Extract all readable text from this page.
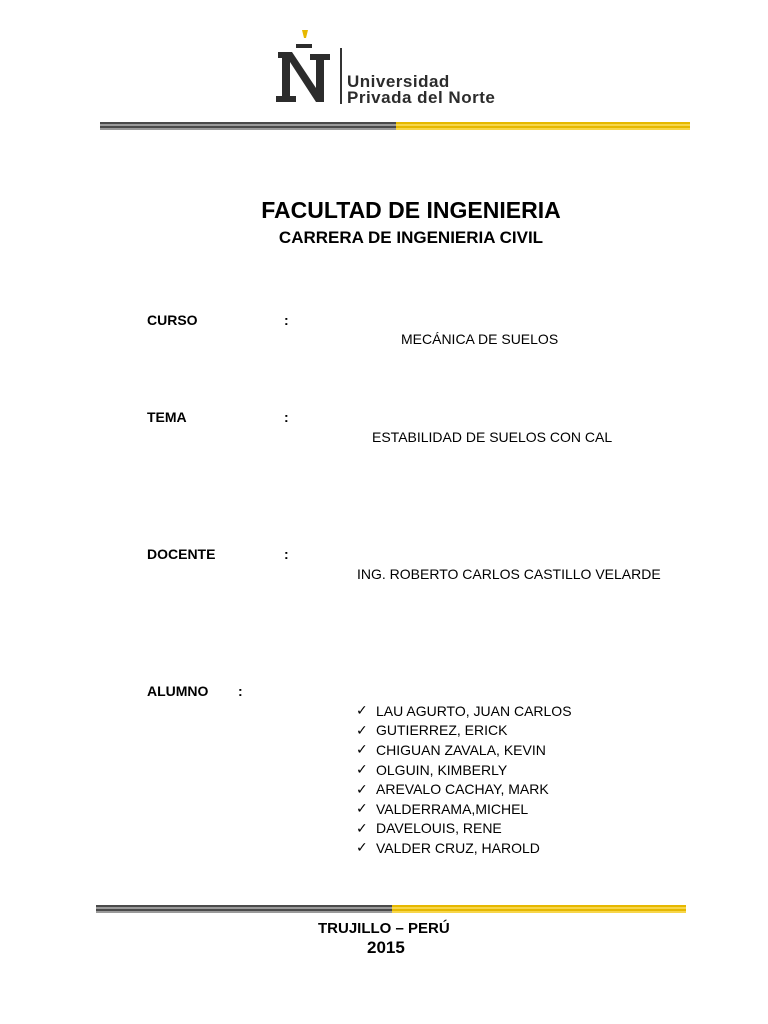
Universidad
Privada del Norte
FACULTAD DE INGENIERIA
CARRERA DE INGENIERIA CIVIL
CURSO	:
MECÁNICA DE SUELOS
TEMA	:
ESTABILIDAD DE SUELOS CON CAL
DOCENTE	:
ING. ROBERTO CARLOS CASTILLO VELARDE
ALUMNO :
✓ LAU AGURTO, JUAN CARLOS
✓ GUTIERREZ, ERICK
✓ CHIGUAN ZAVALA, KEVIN
✓ OLGUIN, KIMBERLY
✓ AREVALO CACHAY, MARK
✓ VALDERRAMA,MICHEL
✓ DAVELOUIS, RENE
✓ VALDER CRUZ, HAROLD
TRUJILLO – PERÚ
2015
